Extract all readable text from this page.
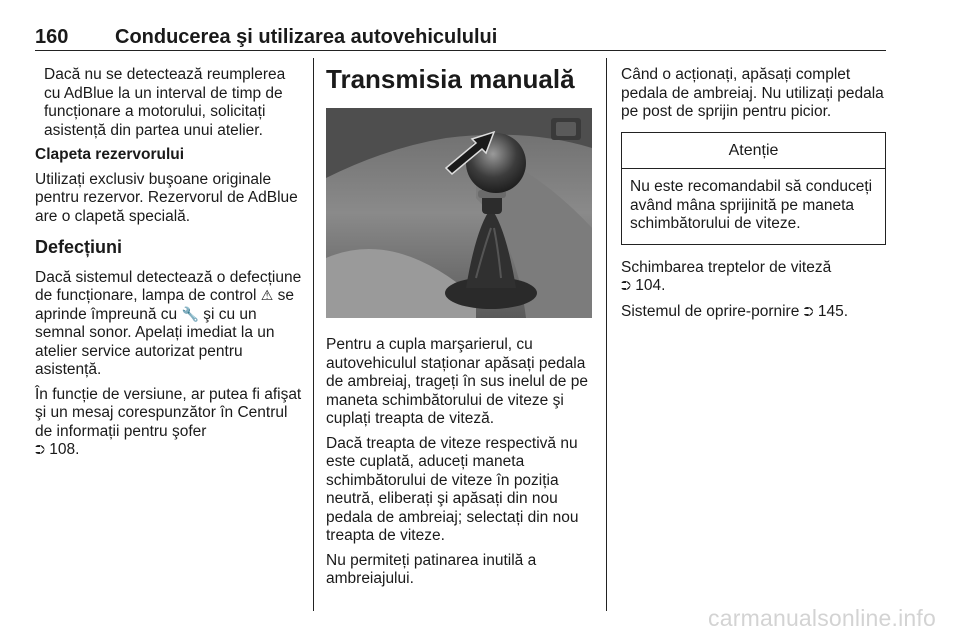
160 Conducerea şi utilizarea autovehiculului

Dacă nu se detectează reumplerea cu AdBlue la un interval de timp de funcționare a motorului, solicitați asistență din partea unui atelier.

Clapeta rezervorului

Utilizați exclusiv buşoane originale pentru rezervor. Rezervorul de AdBlue are o clapetă specială.

Defecțiuni

Dacă sistemul detectează o defecțiune de funcționare, lampa de control ⚠ se aprinde împreună cu 🔧 şi cu un semnal sonor. Apelați imediat la un atelier service autorizat pentru asistență.

În funcție de versiune, ar putea fi afişat şi un mesaj corespunzător în Centrul de informații pentru şofer
⮊ 108.

Transmisia manuală

Pentru a cupla marşarierul, cu autovehiculul staționar apăsați pedala de ambreiaj, trageți în sus inelul de pe maneta schimbătorului de viteze şi cuplați treapta de viteză.

Dacă treapta de viteze respectivă nu este cuplată, aduceți maneta schimbătorului de viteze în poziția neutră, eliberați şi apăsați din nou pedala de ambreiaj; selectați din nou treapta de viteze.

Nu permiteți patinarea inutilă a ambreiajului.

Când o acționați, apăsați complet pedala de ambreiaj. Nu utilizați pedala pe post de sprijin pentru picior.

Atenție
Nu este recomandabil să conduceți având mâna sprijinită pe maneta schimbătorului de viteze.

Schimbarea treptelor de viteză
⮊ 104.

Sistemul de oprire-pornire ⮊ 145.

carmanualsonline.info
